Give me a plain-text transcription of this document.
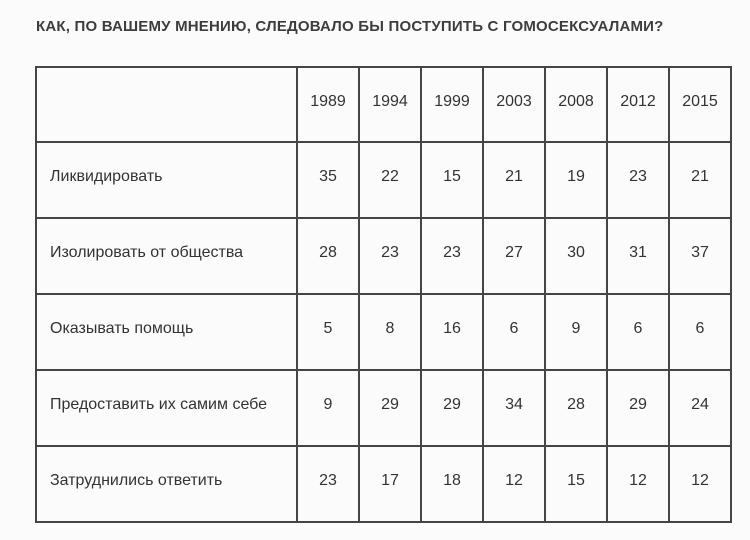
КАК, ПО ВАШЕМУ МНЕНИЮ, СЛЕДОВАЛО БЫ ПОСТУПИТЬ С ГОМОСЕКСУАЛАМИ?
	1989	1994	1999	2003	2008	2012	2015
Ликвидировать	35	22	15	21	19	23	21
Изолировать от общества	28	23	23	27	30	31	37
Оказывать помощь	5	8	16	6	9	6	6
Предоставить их самим себе	9	29	29	34	28	29	24
Затруднились ответить	23	17	18	12	15	12	12
